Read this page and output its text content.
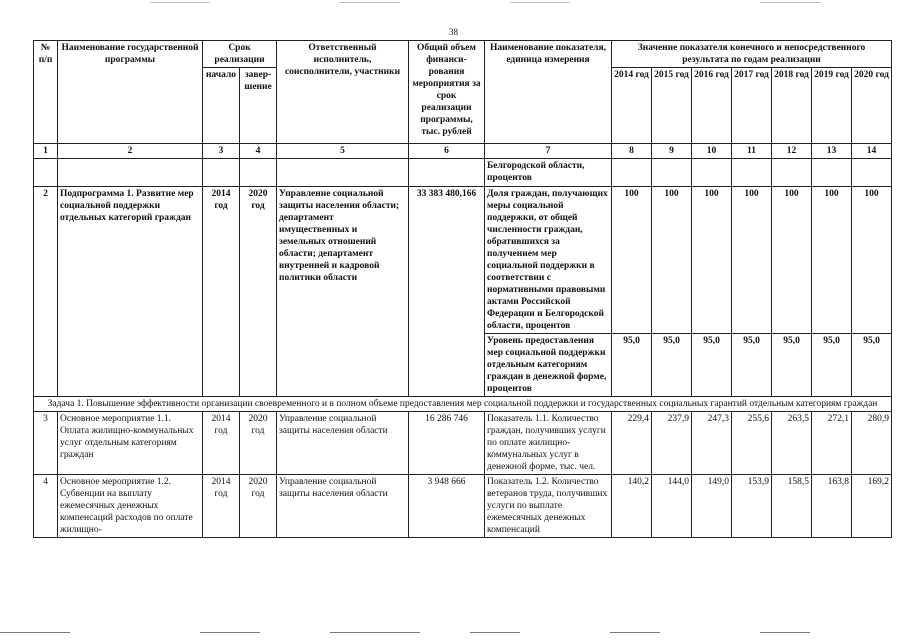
38
№ п/п	Наименование государственной программы	Срок реализации		Ответственный исполнитель, соисполнители, участники	Общий объем финанси-рования мероприятия за срок реализации программы, тыс. рублей	Наименование показателя, единица измерения	Значение показателя конечного и непосредственного результата по годам реализации						
		начало	завер-шение				2014 год	2015 год	2016 год	2017 год	2018 год	2019 год	2020 год
1	2	3	4	5	6	7	8	9	10	11	12	13	14
						Белгородской области, процентов							
2	Подпрограмма 1. Развитие мер социальной поддержки отдельных категорий граждан	2014 год	2020 год	Управление социальной защиты населения области; департамент имущественных и земельных отношений области; департамент внутренней и кадровой политики области	33 383 480,166	Доля граждан, получающих меры социальной поддержки, от общей численности граждан, обратившихся за получением мер социальной поддержки в соответствии с нормативными правовыми актами Российской Федерации и Белгородской области, процентов	100	100	100	100	100	100	100
						Уровень предоставления мер социальной поддержки отдельным категориям граждан в денежной форме, процентов	95,0	95,0	95,0	95,0	95,0	95,0	95,0
Задача 1. Повышение эффективности организации своевременного и в полном объеме предоставления мер социальной поддержки и государственных социальных гарантий отдельным категориям граждан													
3	Основное мероприятие 1.1. Оплата жилищно-коммунальных услуг отдельным категориям граждан	2014 год	2020 год	Управление социальной защиты населения области	16 286 746	Показатель 1.1. Количество граждан, получивших услуги по оплате жилищно-коммунальных услуг в денежной форме, тыс. чел.	229,4	237,9	247,3	255,6	263,5	272,1	280,9
4	Основное мероприятие 1.2. Субвенции на выплату ежемесячных денежных компенсаций расходов по оплате жилищно-	2014 год	2020 год	Управление социальной защиты населения области	3 948 666	Показатель 1.2. Количество ветеранов труда, получивших услуги по выплате ежемесячных денежных компенсаций	140,2	144,0	149,0	153,9	158,5	163,8	169,2
